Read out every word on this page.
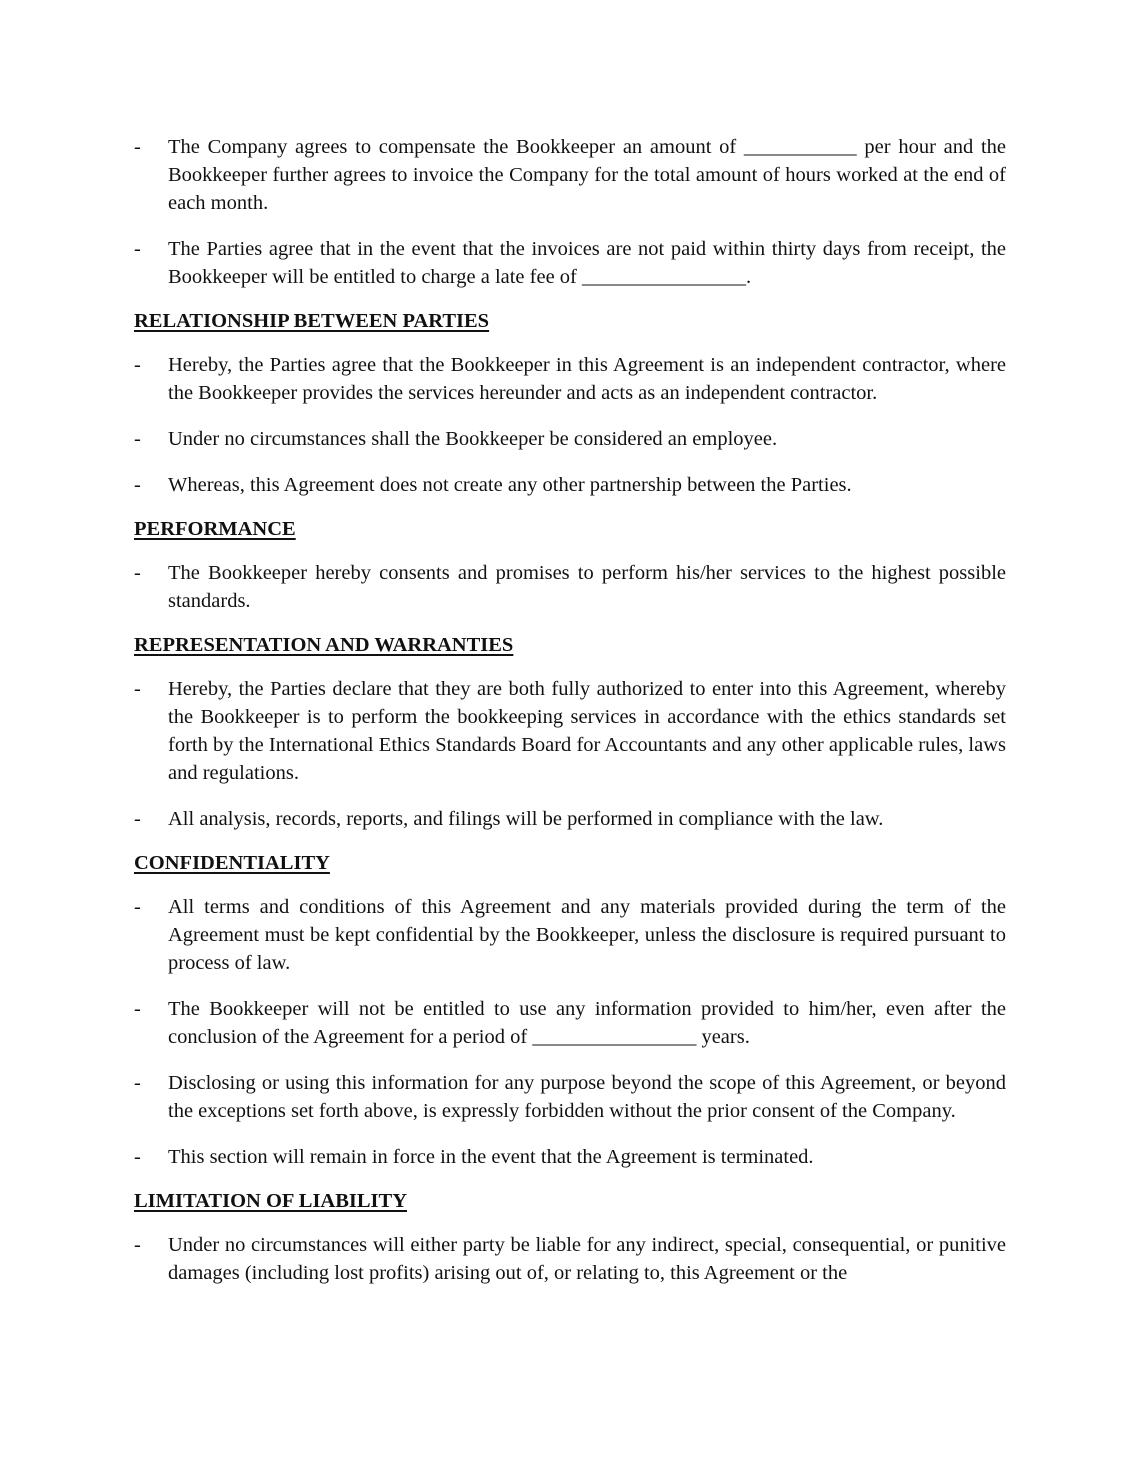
- The Company agrees to compensate the Bookkeeper an amount of ___________ per hour and the Bookkeeper further agrees to invoice the Company for the total amount of hours worked at the end of each month.
- The Parties agree that in the event that the invoices are not paid within thirty days from receipt, the Bookkeeper will be entitled to charge a late fee of ________________.
RELATIONSHIP BETWEEN PARTIES
- Hereby, the Parties agree that the Bookkeeper in this Agreement is an independent contractor, where the Bookkeeper provides the services hereunder and acts as an independent contractor.
- Under no circumstances shall the Bookkeeper be considered an employee.
- Whereas, this Agreement does not create any other partnership between the Parties.
PERFORMANCE
- The Bookkeeper hereby consents and promises to perform his/her services to the highest possible standards.
REPRESENTATION AND WARRANTIES
- Hereby, the Parties declare that they are both fully authorized to enter into this Agreement, whereby the Bookkeeper is to perform the bookkeeping services in accordance with the ethics standards set forth by the International Ethics Standards Board for Accountants and any other applicable rules, laws and regulations.
- All analysis, records, reports, and filings will be performed in compliance with the law.
CONFIDENTIALITY
- All terms and conditions of this Agreement and any materials provided during the term of the Agreement must be kept confidential by the Bookkeeper, unless the disclosure is required pursuant to process of law.
- The Bookkeeper will not be entitled to use any information provided to him/her, even after the conclusion of the Agreement for a period of ________________ years.
- Disclosing or using this information for any purpose beyond the scope of this Agreement, or beyond the exceptions set forth above, is expressly forbidden without the prior consent of the Company.
- This section will remain in force in the event that the Agreement is terminated.
LIMITATION OF LIABILITY
- Under no circumstances will either party be liable for any indirect, special, consequential, or punitive damages (including lost profits) arising out of, or relating to, this Agreement or the
